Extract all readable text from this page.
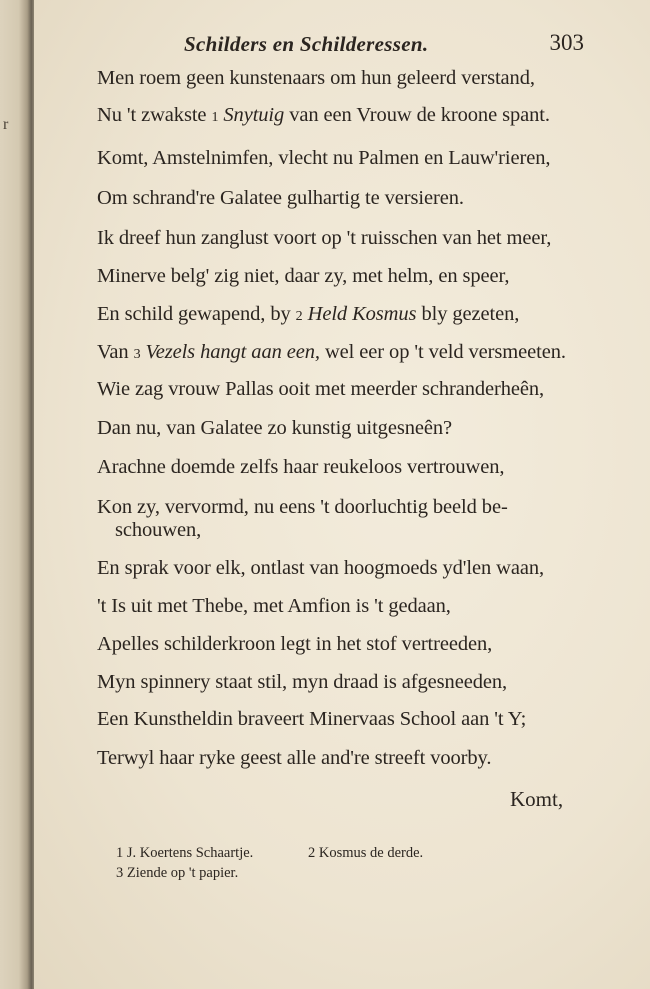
r
Schilders en Schilderessen.	303
Men roem geen kunstenaars om hun geleerd verstand,
Nu 't zwakste 1 Snytuig van een Vrouw de kroone spant.
Komt, Amstelnimfen, vlecht nu Palmen en Lauw'rieren,
Om schrand're Galatee gulhartig te versieren.
Ik dreef hun zanglust voort op 't ruisschen van het meer,
Minerve belg' zig niet, daar zy, met helm, en speer,
En schild gewapend, by 2 Held Kosmus bly gezeten,
Van 3 Vezels hangt aan een, wel eer op 't veld versmeeten.
Wie zag vrouw Pallas ooit met meerder schranderheên,
Dan nu, van Galatee zo kunstig uitgesneên?
Arachne doemde zelfs haar reukeloos vertrouwen,
Kon zy, vervormd, nu eens 't doorluchtig beeld be-
schouwen,
En sprak voor elk, ontlast van hoogmoeds yd'len waan,
't Is uit met Thebe, met Amfion is 't gedaan,
Apelles schilderkroon legt in het stof vertreeden,
Myn spinnery staat stil, myn draad is afgesneeden,
Een Kunstheldin braveert Minervaas School aan 't Y;
Terwyl haar ryke geest alle and're streeft voorby.
Komt,
1 J. Koertens Schaartje.	2 Kosmus de derde.
3 Ziende op 't papier.
